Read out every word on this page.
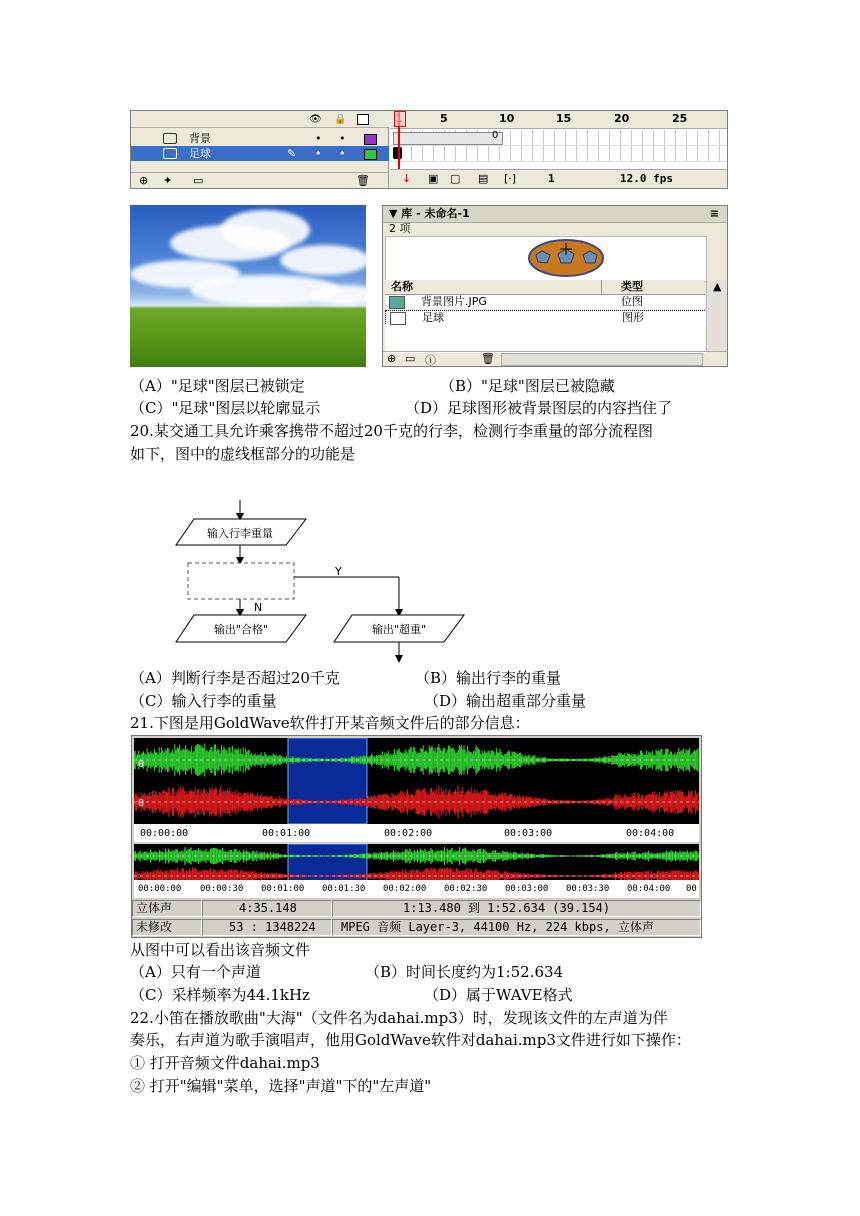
👁 🔒
背景	• •
足球	✎ • •
⊕ ✦ ▭	🗑
5	10	15	20	25
0
↓ ▣ ▢ ▤ [·]	1	12.0 fps
▼ 库 - 未命名-1	≡
2 项
名称	类型
背景图片.JPG	位图
足球	图形
▲
⊕ ▭ ⓘ	🗑
（A）"足球"图层已被锁定	（B）"足球"图层已被隐藏
（C）"足球"图层以轮廓显示	（D）足球图形被背景图层的内容挡住了
20.某交通工具允许乘客携带不超过20千克的行李，检测行李重量的部分流程图
如下，图中的虚线框部分的功能是
输入行李重量
Y
N
输出"合格"	输出"超重"
（A）判断行李是否超过20千克	（B）输出行李的重量
（C）输入行李的重量	（D）输出超重部分重量
21.下图是用GoldWave软件打开某音频文件后的部分信息：
0
0
00:00:00	00:01:00	00:02:00	00:03:00	00:04:00
00:00:00 00:00:30 00:01:00 00:01:30 00:02:00 00:02:30 00:03:00 00:03:30 00:04:00 00
立体声	4:35.148	1:13.480 到 1:52.634 (39.154)
未修改	53 : 1348224	MPEG 音频 Layer-3, 44100 Hz, 224 kbps, 立体声
从图中可以看出该音频文件
（A）只有一个声道	（B）时间长度约为1:52.634
（C）采样频率为44.1kHz	（D）属于WAVE格式
22.小笛在播放歌曲"大海"（文件名为dahai.mp3）时，发现该文件的左声道为伴
奏乐，右声道为歌手演唱声，他用GoldWave软件对dahai.mp3文件进行如下操作：
① 打开音频文件dahai.mp3
② 打开"编辑"菜单，选择"声道"下的"左声道"
